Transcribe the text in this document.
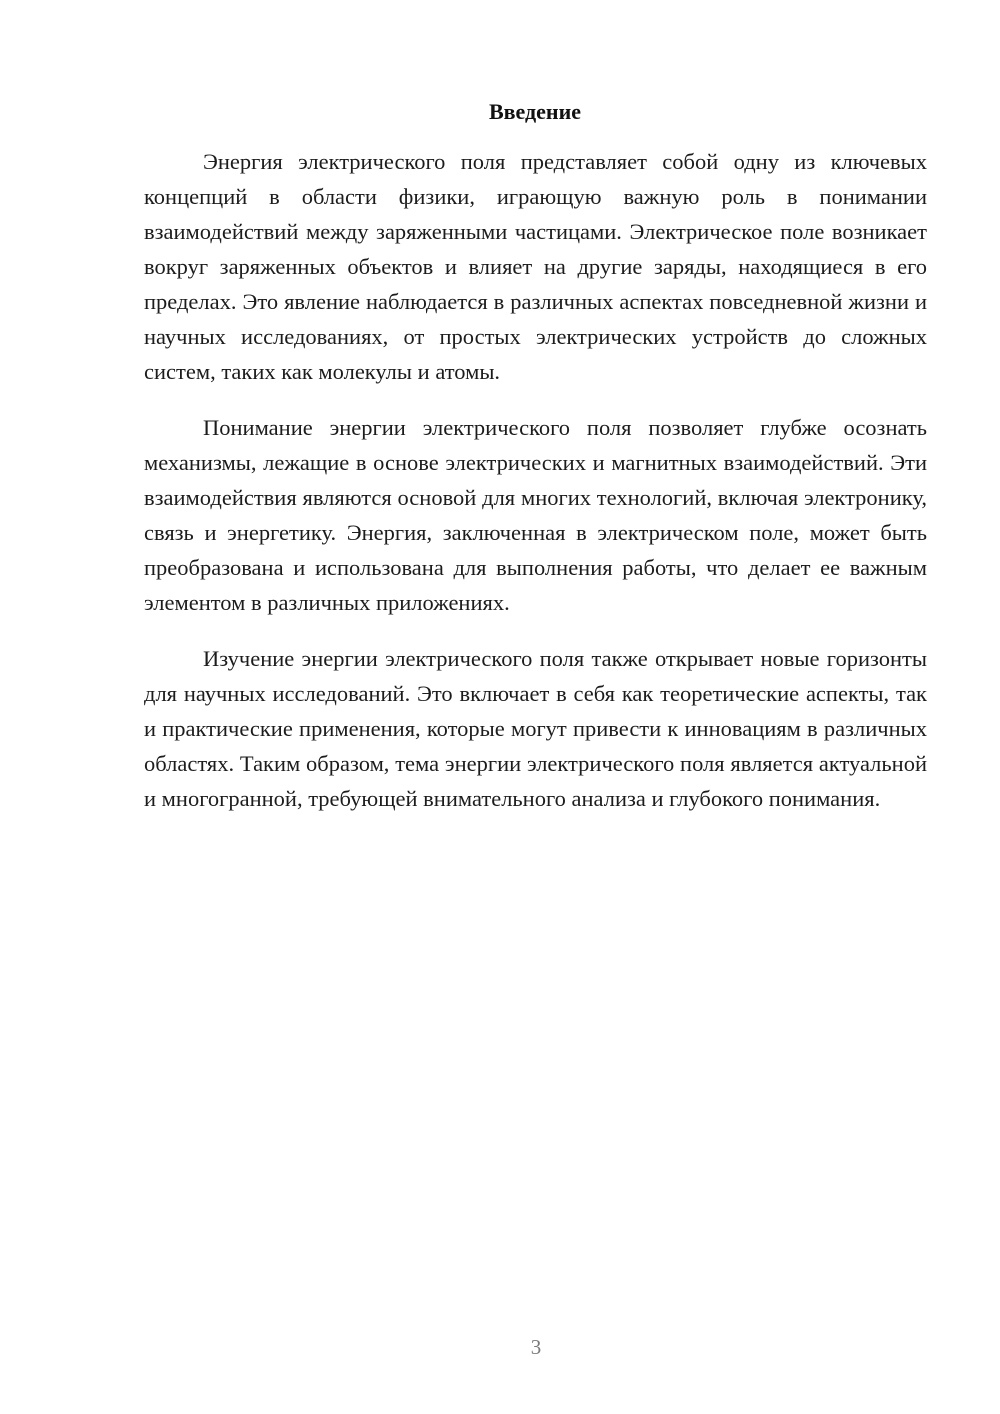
Введение

Энергия электрического поля представляет собой одну из ключевых концепций в области физики, играющую важную роль в понимании взаимодействий между заряженными частицами. Электрическое поле возникает вокруг заряженных объектов и влияет на другие заряды, находящиеся в его пределах. Это явление наблюдается в различных аспектах повседневной жизни и научных исследованиях, от простых электрических устройств до сложных систем, таких как молекулы и атомы.

Понимание энергии электрического поля позволяет глубже осознать механизмы, лежащие в основе электрических и магнитных взаимодействий. Эти взаимодействия являются основой для многих технологий, включая электронику, связь и энергетику. Энергия, заключенная в электрическом поле, может быть преобразована и использована для выполнения работы, что делает ее важным элементом в различных приложениях.

Изучение энергии электрического поля также открывает новые горизонты для научных исследований. Это включает в себя как теоретические аспекты, так и практические применения, которые могут привести к инновациям в различных областях. Таким образом, тема энергии электрического поля является актуальной и многогранной, требующей внимательного анализа и глубокого понимания.

3
